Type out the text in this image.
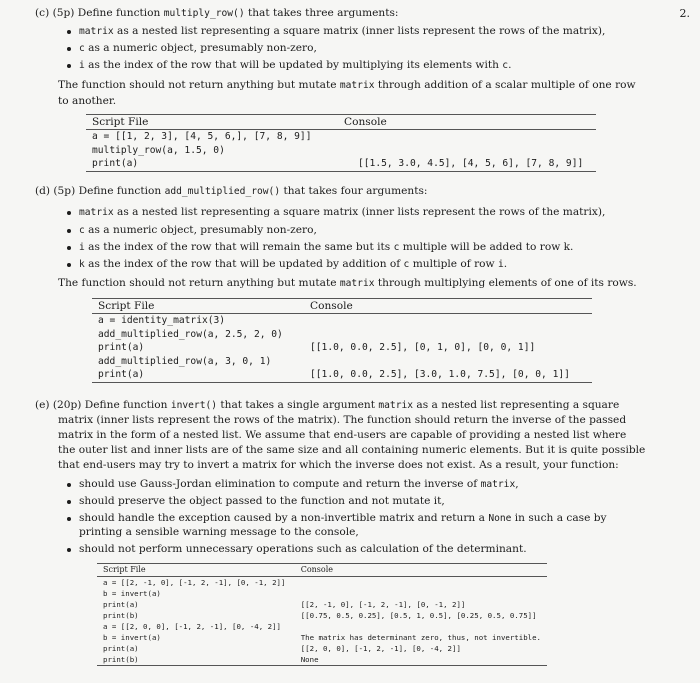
2.
(c) (5p) Define function multiply_row() that takes three arguments:
matrix as a nested list representing a square matrix (inner lists represent the rows of the matrix),
c as a numeric object, presumably non-zero,
i as the index of the row that will be updated by multiplying its elements with c.
The function should not return anything but mutate matrix through addition of a scalar multiple of one row
to another.
Script File	Console
a = [[1, 2, 3], [4, 5, 6,], [7, 8, 9]]	
multiply_row(a, 1.5, 0)	
print(a)	[[1.5, 3.0, 4.5], [4, 5, 6], [7, 8, 9]]
(d) (5p) Define function add_multiplied_row() that takes four arguments:
matrix as a nested list representing a square matrix (inner lists represent the rows of the matrix),
c as a numeric object, presumably non-zero,
i as the index of the row that will remain the same but its c multiple will be added to row k.
k as the index of the row that will be updated by addition of c multiple of row i.
The function should not return anything but mutate matrix through multiplying elements of one of its rows.
Script File	Console
a = identity_matrix(3)	
add_multiplied_row(a, 2.5, 2, 0)	
print(a)	[[1.0, 0.0, 2.5], [0, 1, 0], [0, 0, 1]]
add_multiplied_row(a, 3, 0, 1)	
print(a)	[[1.0, 0.0, 2.5], [3.0, 1.0, 7.5], [0, 0, 1]]
(e) (20p) Define function invert() that takes a single argument matrix as a nested list representing a square
matrix (inner lists represent the rows of the matrix). The function should return the inverse of the passed
matrix in the form of a nested list. We assume that end-users are capable of providing a nested list where
the outer list and inner lists are of the same size and all containing numeric elements. But it is quite possible
that end-users may try to invert a matrix for which the inverse does not exist. As a result, your function:
should use Gauss-Jordan elimination to compute and return the inverse of matrix,
should preserve the object passed to the function and not mutate it,
should handle the exception caused by a non-invertible matrix and return a None in such a case by
printing a sensible warning message to the console,
should not perform unnecessary operations such as calculation of the determinant.
Script File	Console
a = [[2, -1, 0], [-1, 2, -1], [0, -1, 2]]	
b = invert(a)	
print(a)	[[2, -1, 0], [-1, 2, -1], [0, -1, 2]]
print(b)	[[0.75, 0.5, 0.25], [0.5, 1, 0.5], [0.25, 0.5, 0.75]]
a = [[2, 0, 0], [-1, 2, -1], [0, -4, 2]]	
b = invert(a)	The matrix has determinant zero, thus, not invertible.
print(a)	[[2, 0, 0], [-1, 2, -1], [0, -4, 2]]
print(b)	None
